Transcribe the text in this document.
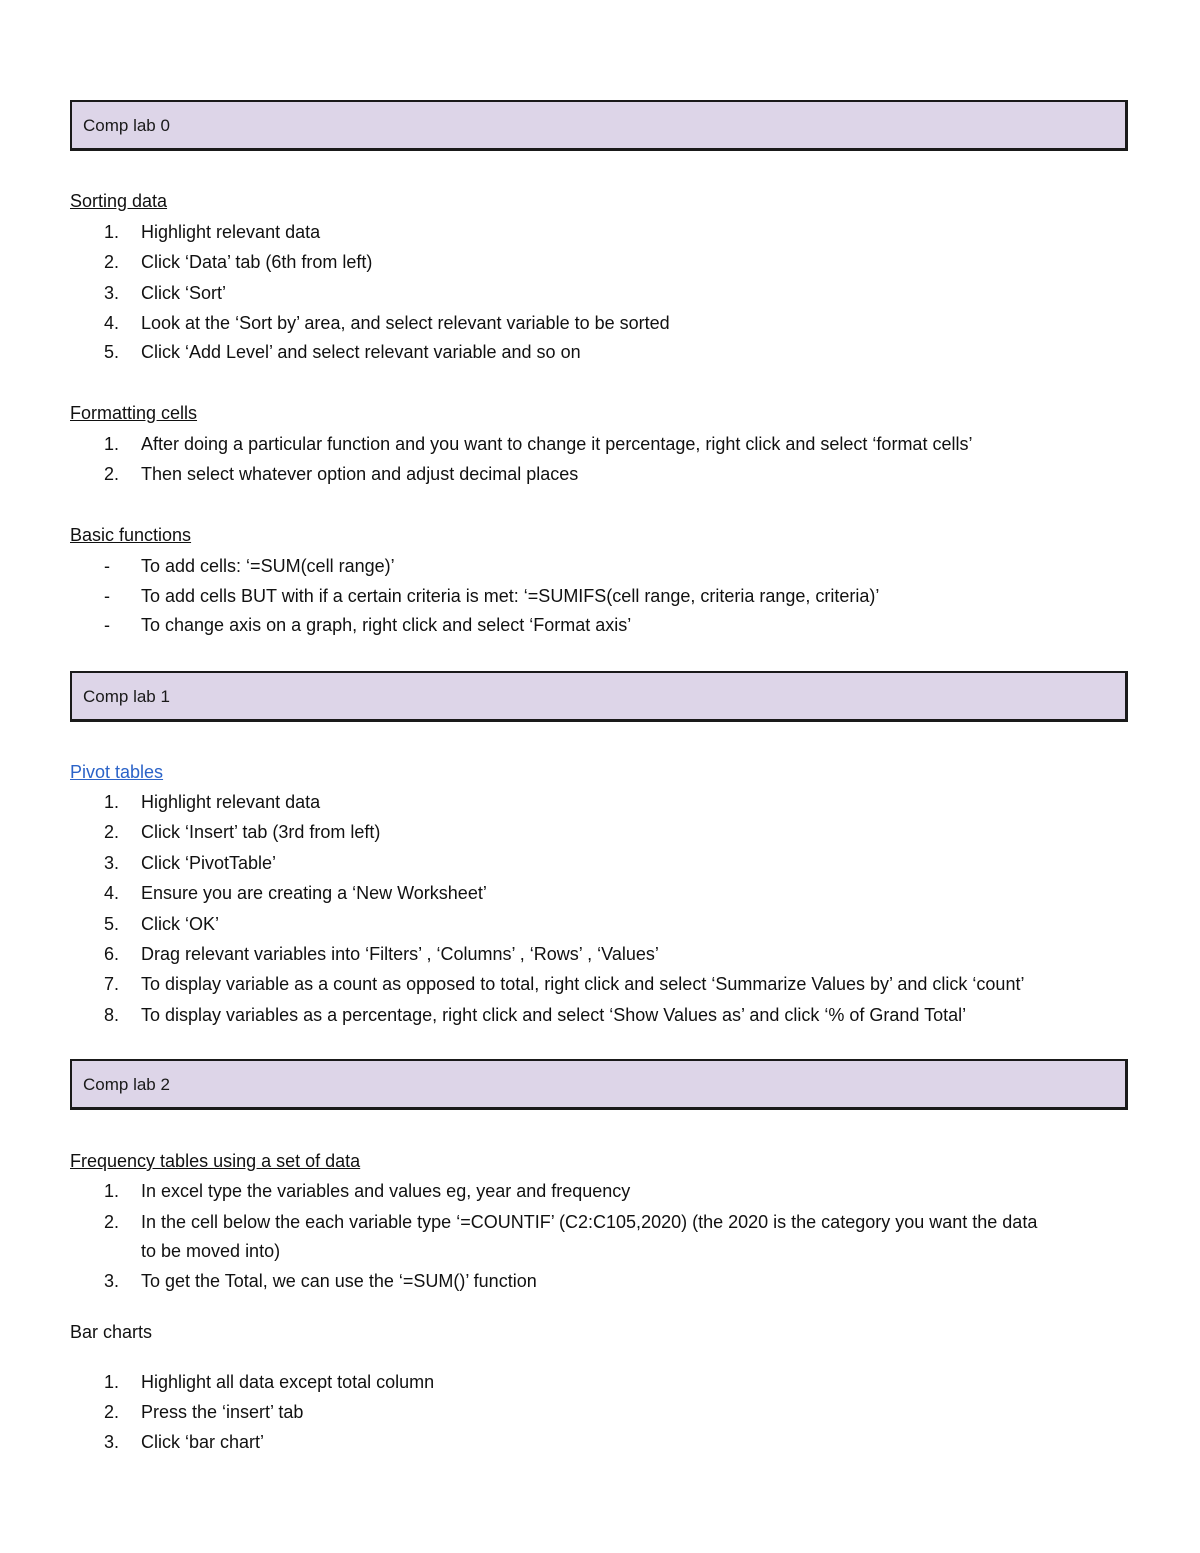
Comp lab 0
Sorting data
1. Highlight relevant data
2. Click ‘Data’ tab (6th from left)
3. Click ‘Sort’
4. Look at the ‘Sort by’ area, and select relevant variable to be sorted
5. Click ‘Add Level’ and select relevant variable and so on
Formatting cells
1. After doing a particular function and you want to change it percentage, right click and select ‘format cells’
2. Then select whatever option and adjust decimal places
Basic functions
- To add cells: ‘=SUM(cell range)’
- To add cells BUT with if a certain criteria is met: ‘=SUMIFS(cell range, criteria range, criteria)’
- To change axis on a graph, right click and select ‘Format axis’
Comp lab 1
Pivot tables
1. Highlight relevant data
2. Click ‘Insert’ tab (3rd from left)
3. Click ‘PivotTable’
4. Ensure you are creating a ‘New Worksheet’
5. Click ‘OK’
6. Drag relevant variables into ‘Filters’ , ‘Columns’ , ‘Rows’ , ‘Values’
7. To display variable as a count as opposed to total, right click and select ‘Summarize Values by’ and click ‘count’
8. To display variables as a percentage, right click and select ‘Show Values as’ and click ‘% of Grand Total’
Comp lab 2
Frequency tables using a set of data
1. In excel type the variables and values eg, year and frequency
2. In the cell below the each variable type ‘=COUNTIF’ (C2:C105,2020) (the 2020 is the category you want the data
to be moved into)
3. To get the Total, we can use the ‘=SUM()’ function
Bar charts
1. Highlight all data except total column
2. Press the ‘insert’ tab
3. Click ‘bar chart’
